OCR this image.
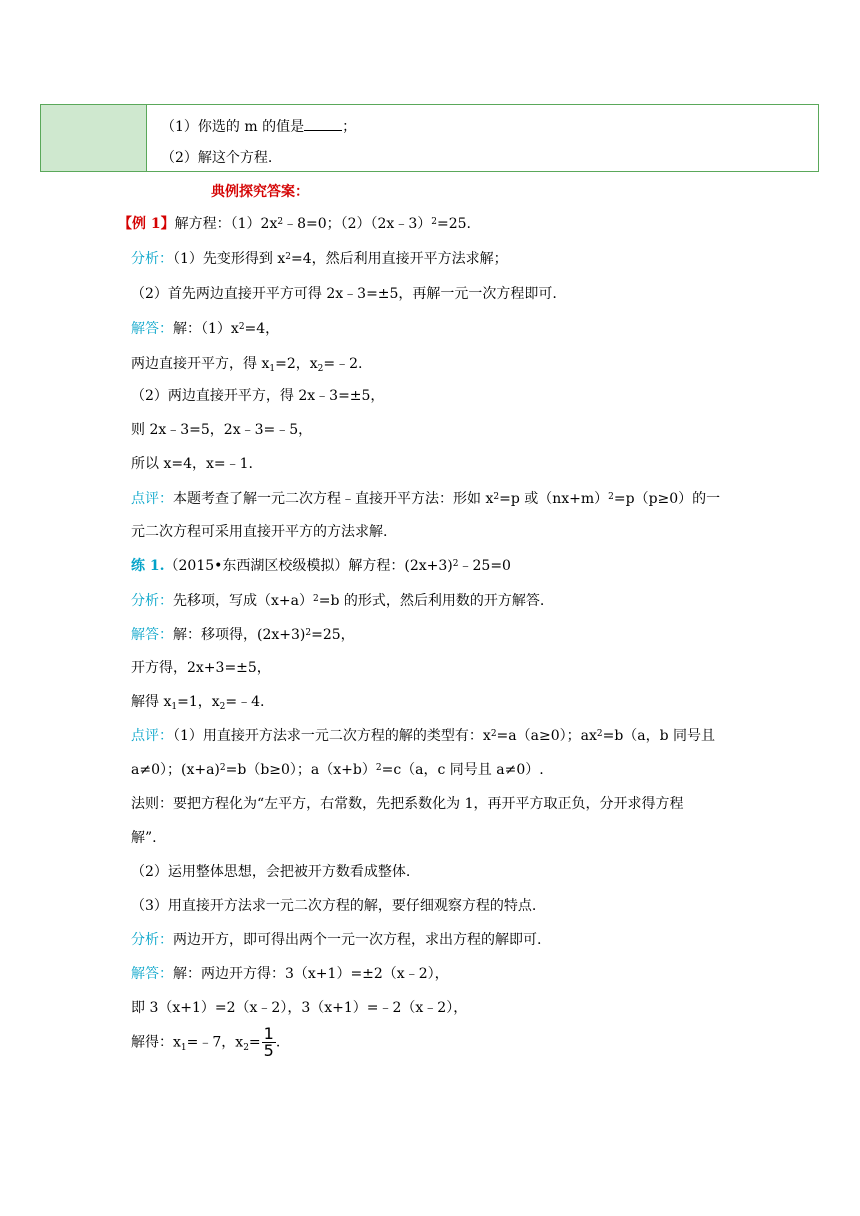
（1）你选的 m 的值是	；
（2）解这个方程.
典例探究答案：
【例 1】解方程：$(1)2x^2﹣8=0$；（2）（2x﹣3）$^2$=25.
分析：（1）先变形得到 $x^2=4$，然后利用直接开平方法求解；
（2）首先两边直接开平方可得 2x﹣3=±5，再解一元一次方程即可.
解答：解：$(1)x^2=4$，
两边直接开平方，得 $x_1=2$，$x_2=﹣2$.
（2）两边直接开平方，得 2x﹣3=±5，
则 2x﹣3=5，2x﹣3=﹣5，
所以 x=4，x=﹣1.
点评：本题考查了解一元二次方程﹣直接开平方法：形如 $x^2=p$ 或$(nx+m)^2=p(p\ge 0)$的一
元二次方程可采用直接开平方的方法求解.
练 1.（2015•东西湖区校级模拟）解方程：$(2x+3)^2﹣25=0$
分析：先移项，写成$(x+a)^2=b$ 的形式，然后利用数的开方解答.
解答：解：移项得，$(2x+3)^2=25$，
开方得，2x+3=±5，
解得 $x_1=1$，$x_2=﹣4$.
点评：（1）用直接开方法求一元二次方程的解的类型有：$x^2=a(a\ge 0)$；$ax^2=b(a$，b 同号且
a≠0）；$(x+a)^2=b(b\ge 0)$；$a(x+b)^2=c(a$，c 同号且 a≠0）.
法则：要把方程化为“左平方，右常数，先把系数化为 1，再开平方取正负，分开求得方程
解”.
（2）运用整体思想，会把被开方数看成整体.
（3）用直接开方法求一元二次方程的解，要仔细观察方程的特点.
分析：两边开方，即可得出两个一元一次方程，求出方程的解即可.
解答：解：两边开方得：3（x+1）=±2（x﹣2），
即 3（x+1）=2（x﹣2），3（x+1）=﹣2（x﹣2），
解得：$x_1=﹣7$，$x_2= \frac{1}{5}$ .
